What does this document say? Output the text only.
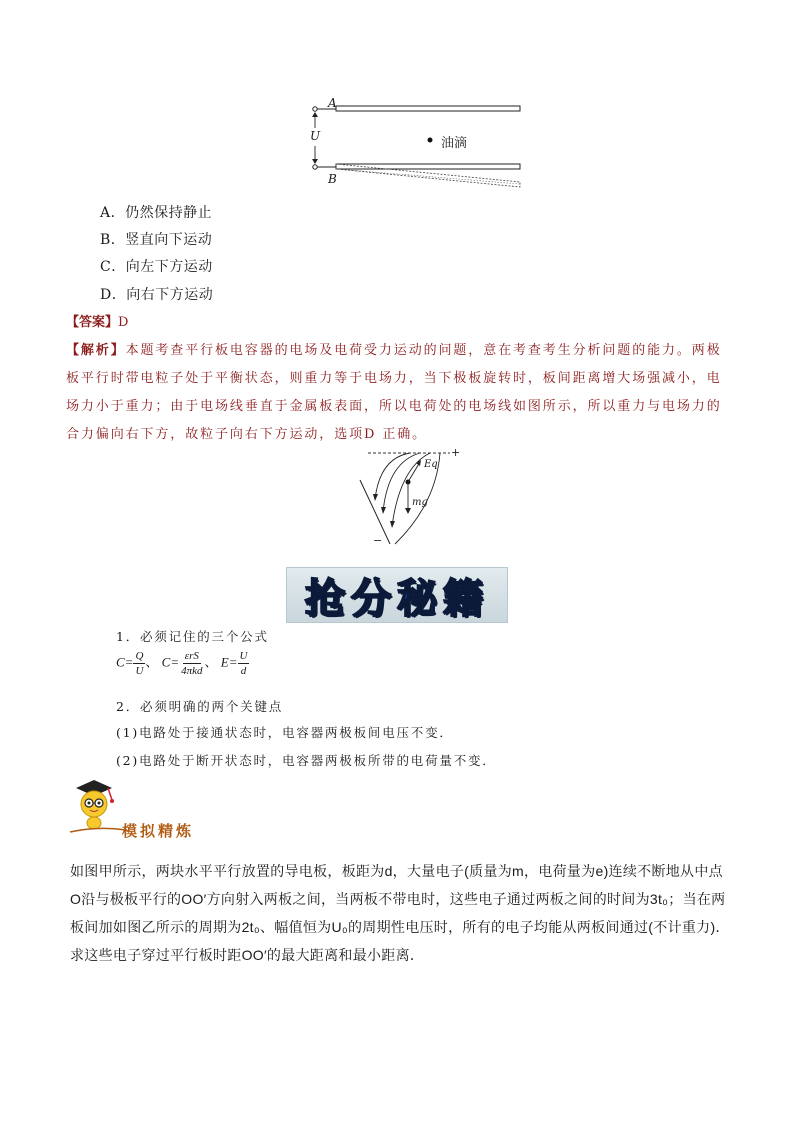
A
B
U	油滴
A．仍然保持静止
B．竖直向下运动
C．向左下方运动
D．向右下方运动
【答案】D
【解析】本题考查平行板电容器的电场及电荷受力运动的问题，意在考查考生分析问题的能力。两极板平行时带电粒子处于平衡状态，则重力等于电场力，当下极板旋转时，板间距离增大场强减小，电场力小于重力；由于电场线垂直于金属板表面，所以电荷处的电场线如图所示，所以重力与电场力的合力偏向右下方，故粒子向右下方运动，选项D 正确。
Eq
mg
+
−
抢分秘籍
1．必须记住的三个公式
$C= \frac{Q}{U}$ 、 $C= \frac{\text{εrS}}{\text{4πkd}}$ 、 $E= \frac{U}{d}$
2．必须明确的两个关键点
(1)电路处于接通状态时，电容器两极板间电压不变．
(2)电路处于断开状态时，电容器两极板所带的电荷量不变．
模拟精炼
如图甲所示，两块水平平行放置的导电板，板距为d，大量电子(质量为m，电荷量为e)连续不断地从中点O沿与极板平行的OO′方向射入两板之间，当两板不带电时，这些电子通过两板之间的时间为3t₀；当在两板间加如图乙所示的周期为2t₀、幅值恒为U₀的周期性电压时，所有的电子均能从两板间通过(不计重力)．求这些电子穿过平行板时距OO′的最大距离和最小距离．
